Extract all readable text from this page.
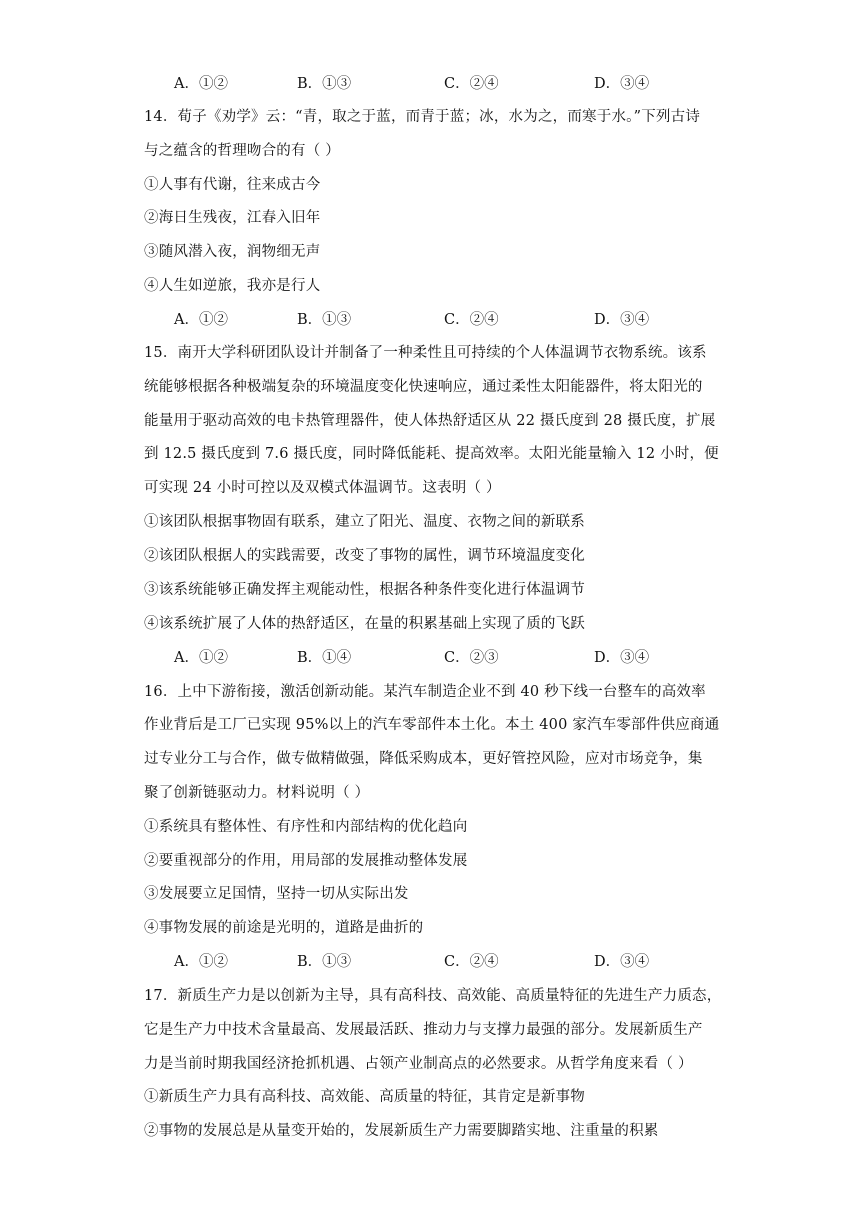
A．①②	B．①③	C．②④	D．③④
14．荀子《劝学》云：“青，取之于蓝，而青于蓝；冰，水为之，而寒于水。”下列古诗
与之蕴含的哲理吻合的有（ ）
①人事有代谢，往来成古今
②海日生残夜，江春入旧年
③随风潜入夜，润物细无声
④人生如逆旅，我亦是行人
A．①②	B．①③	C．②④	D．③④
15．南开大学科研团队设计并制备了一种柔性且可持续的个人体温调节衣物系统。该系
统能够根据各种极端复杂的环境温度变化快速响应，通过柔性太阳能器件，将太阳光的
能量用于驱动高效的电卡热管理器件，使人体热舒适区从 22 摄氏度到 28 摄氏度，扩展
到 12.5 摄氏度到 7.6 摄氏度，同时降低能耗、提高效率。太阳光能量输入 12 小时，便
可实现 24 小时可控以及双模式体温调节。这表明（ ）
①该团队根据事物固有联系，建立了阳光、温度、衣物之间的新联系
②该团队根据人的实践需要，改变了事物的属性，调节环境温度变化
③该系统能够正确发挥主观能动性，根据各种条件变化进行体温调节
④该系统扩展了人体的热舒适区，在量的积累基础上实现了质的飞跃
A．①②	B．①④	C．②③	D．③④
16．上中下游衔接，激活创新动能。某汽车制造企业不到 40 秒下线一台整车的高效率
作业背后是工厂已实现 95%以上的汽车零部件本土化。本土 400 家汽车零部件供应商通
过专业分工与合作，做专做精做强，降低采购成本，更好管控风险，应对市场竞争，集
聚了创新链驱动力。材料说明（ ）
①系统具有整体性、有序性和内部结构的优化趋向
②要重视部分的作用，用局部的发展推动整体发展
③发展要立足国情，坚持一切从实际出发
④事物发展的前途是光明的，道路是曲折的
A．①②	B．①③	C．②④	D．③④
17．新质生产力是以创新为主导，具有高科技、高效能、高质量特征的先进生产力质态，
它是生产力中技术含量最高、发展最活跃、推动力与支撑力最强的部分。发展新质生产
力是当前时期我国经济抢抓机遇、占领产业制高点的必然要求。从哲学角度来看（ ）
①新质生产力具有高科技、高效能、高质量的特征，其肯定是新事物
②事物的发展总是从量变开始的，发展新质生产力需要脚踏实地、注重量的积累
